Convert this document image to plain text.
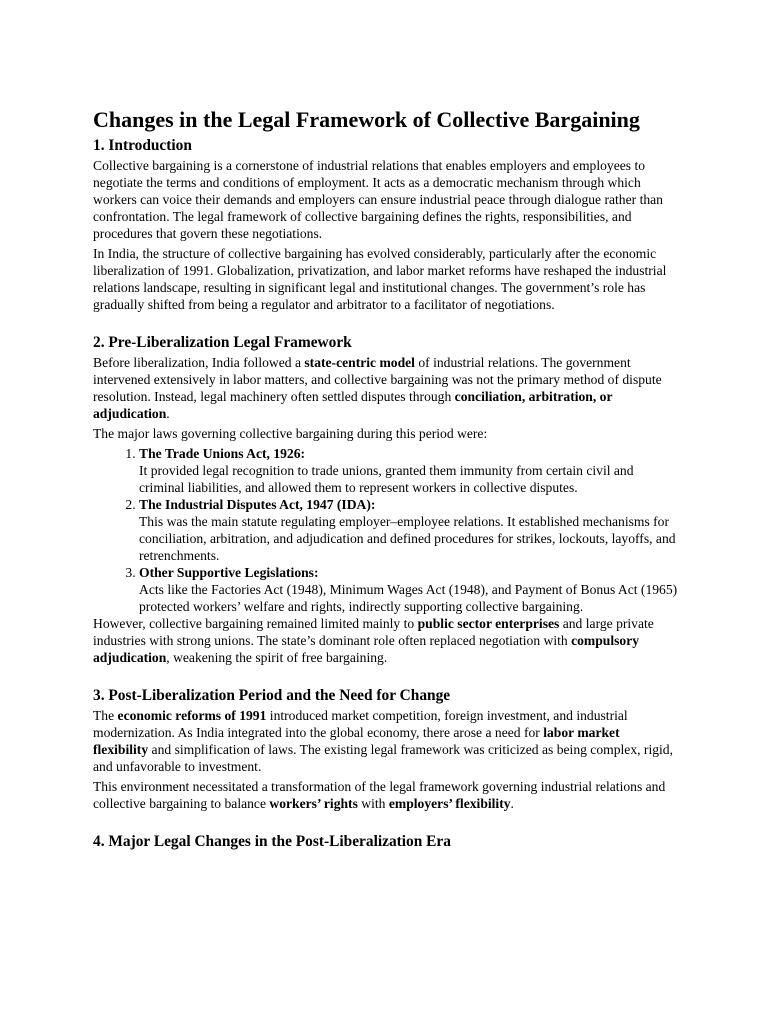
Changes in the Legal Framework of Collective Bargaining
1. Introduction

Collective bargaining is a cornerstone of industrial relations that enables employers and employees to negotiate the terms and conditions of employment. It acts as a democratic mechanism through which workers can voice their demands and employers can ensure industrial peace through dialogue rather than confrontation. The legal framework of collective bargaining defines the rights, responsibilities, and procedures that govern these negotiations.

In India, the structure of collective bargaining has evolved considerably, particularly after the economic liberalization of 1991. Globalization, privatization, and labor market reforms have reshaped the industrial relations landscape, resulting in significant legal and institutional changes. The government’s role has gradually shifted from being a regulator and arbitrator to a facilitator of negotiations.

2. Pre-Liberalization Legal Framework

Before liberalization, India followed a state-centric model of industrial relations. The government intervened extensively in labor matters, and collective bargaining was not the primary method of dispute resolution. Instead, legal machinery often settled disputes through conciliation, arbitration, or adjudication.

The major laws governing collective bargaining during this period were:

1. The Trade Unions Act, 1926:
It provided legal recognition to trade unions, granted them immunity from certain civil and criminal liabilities, and allowed them to represent workers in collective disputes.
2. The Industrial Disputes Act, 1947 (IDA):
This was the main statute regulating employer–employee relations. It established mechanisms for conciliation, arbitration, and adjudication and defined procedures for strikes, lockouts, layoffs, and retrenchments.
3. Other Supportive Legislations:
Acts like the Factories Act (1948), Minimum Wages Act (1948), and Payment of Bonus Act (1965) protected workers’ welfare and rights, indirectly supporting collective bargaining.

However, collective bargaining remained limited mainly to public sector enterprises and large private industries with strong unions. The state’s dominant role often replaced negotiation with compulsory adjudication, weakening the spirit of free bargaining.

3. Post-Liberalization Period and the Need for Change

The economic reforms of 1991 introduced market competition, foreign investment, and industrial modernization. As India integrated into the global economy, there arose a need for labor market flexibility and simplification of laws. The existing legal framework was criticized as being complex, rigid, and unfavorable to investment.

This environment necessitated a transformation of the legal framework governing industrial relations and collective bargaining to balance workers’ rights with employers’ flexibility.

4. Major Legal Changes in the Post-Liberalization Era
